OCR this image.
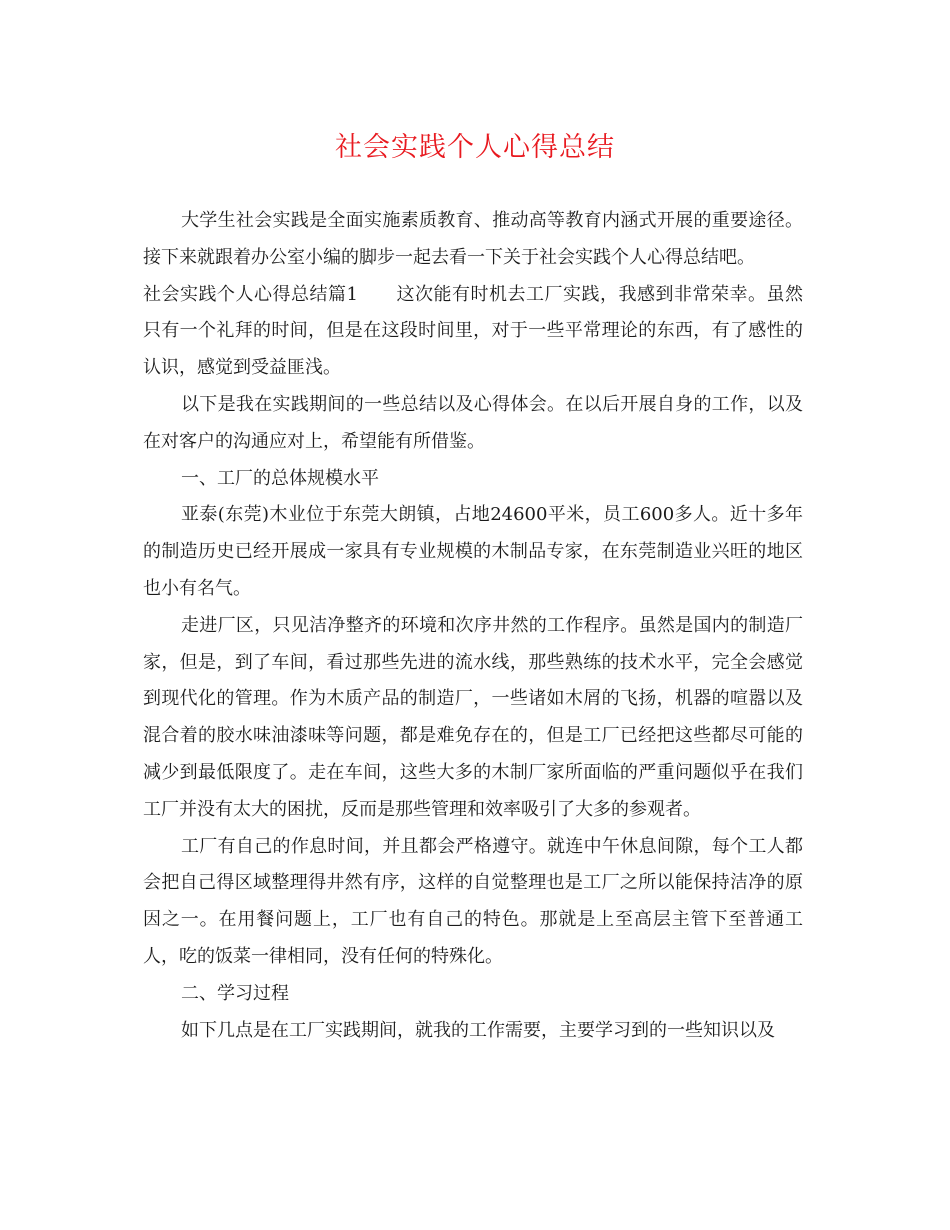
社会实践个人心得总结

大学生社会实践是全面实施素质教育、推动高等教育内涵式开展的重要途径。接下来就跟着办公室小编的脚步一起去看一下关于社会实践个人心得总结吧。

社会实践个人心得总结篇1 这次能有时机去工厂实践，我感到非常荣幸。虽然只有一个礼拜的时间，但是在这段时间里，对于一些平常理论的东西，有了感性的认识，感觉到受益匪浅。

以下是我在实践期间的一些总结以及心得体会。在以后开展自身的工作，以及在对客户的沟通应对上，希望能有所借鉴。

一、工厂的总体规模水平

亚泰(东莞)木业位于东莞大朗镇，占地24600平米，员工600多人。近十多年的制造历史已经开展成一家具有专业规模的木制品专家，在东莞制造业兴旺的地区也小有名气。

走进厂区，只见洁净整齐的环境和次序井然的工作程序。虽然是国内的制造厂家，但是，到了车间，看过那些先进的流水线，那些熟练的技术水平，完全会感觉到现代化的管理。作为木质产品的制造厂，一些诸如木屑的飞扬，机器的喧嚣以及混合着的胶水味油漆味等问题，都是难免存在的，但是工厂已经把这些都尽可能的减少到最低限度了。走在车间，这些大多的木制厂家所面临的严重问题似乎在我们工厂并没有太大的困扰，反而是那些管理和效率吸引了大多的参观者。

工厂有自己的作息时间，并且都会严格遵守。就连中午休息间隙，每个工人都会把自己得区域整理得井然有序，这样的自觉整理也是工厂之所以能保持洁净的原因之一。在用餐问题上，工厂也有自己的特色。那就是上至高层主管下至普通工人，吃的饭菜一律相同，没有任何的特殊化。

二、学习过程

如下几点是在工厂实践期间，就我的工作需要，主要学习到的一些知识以及
